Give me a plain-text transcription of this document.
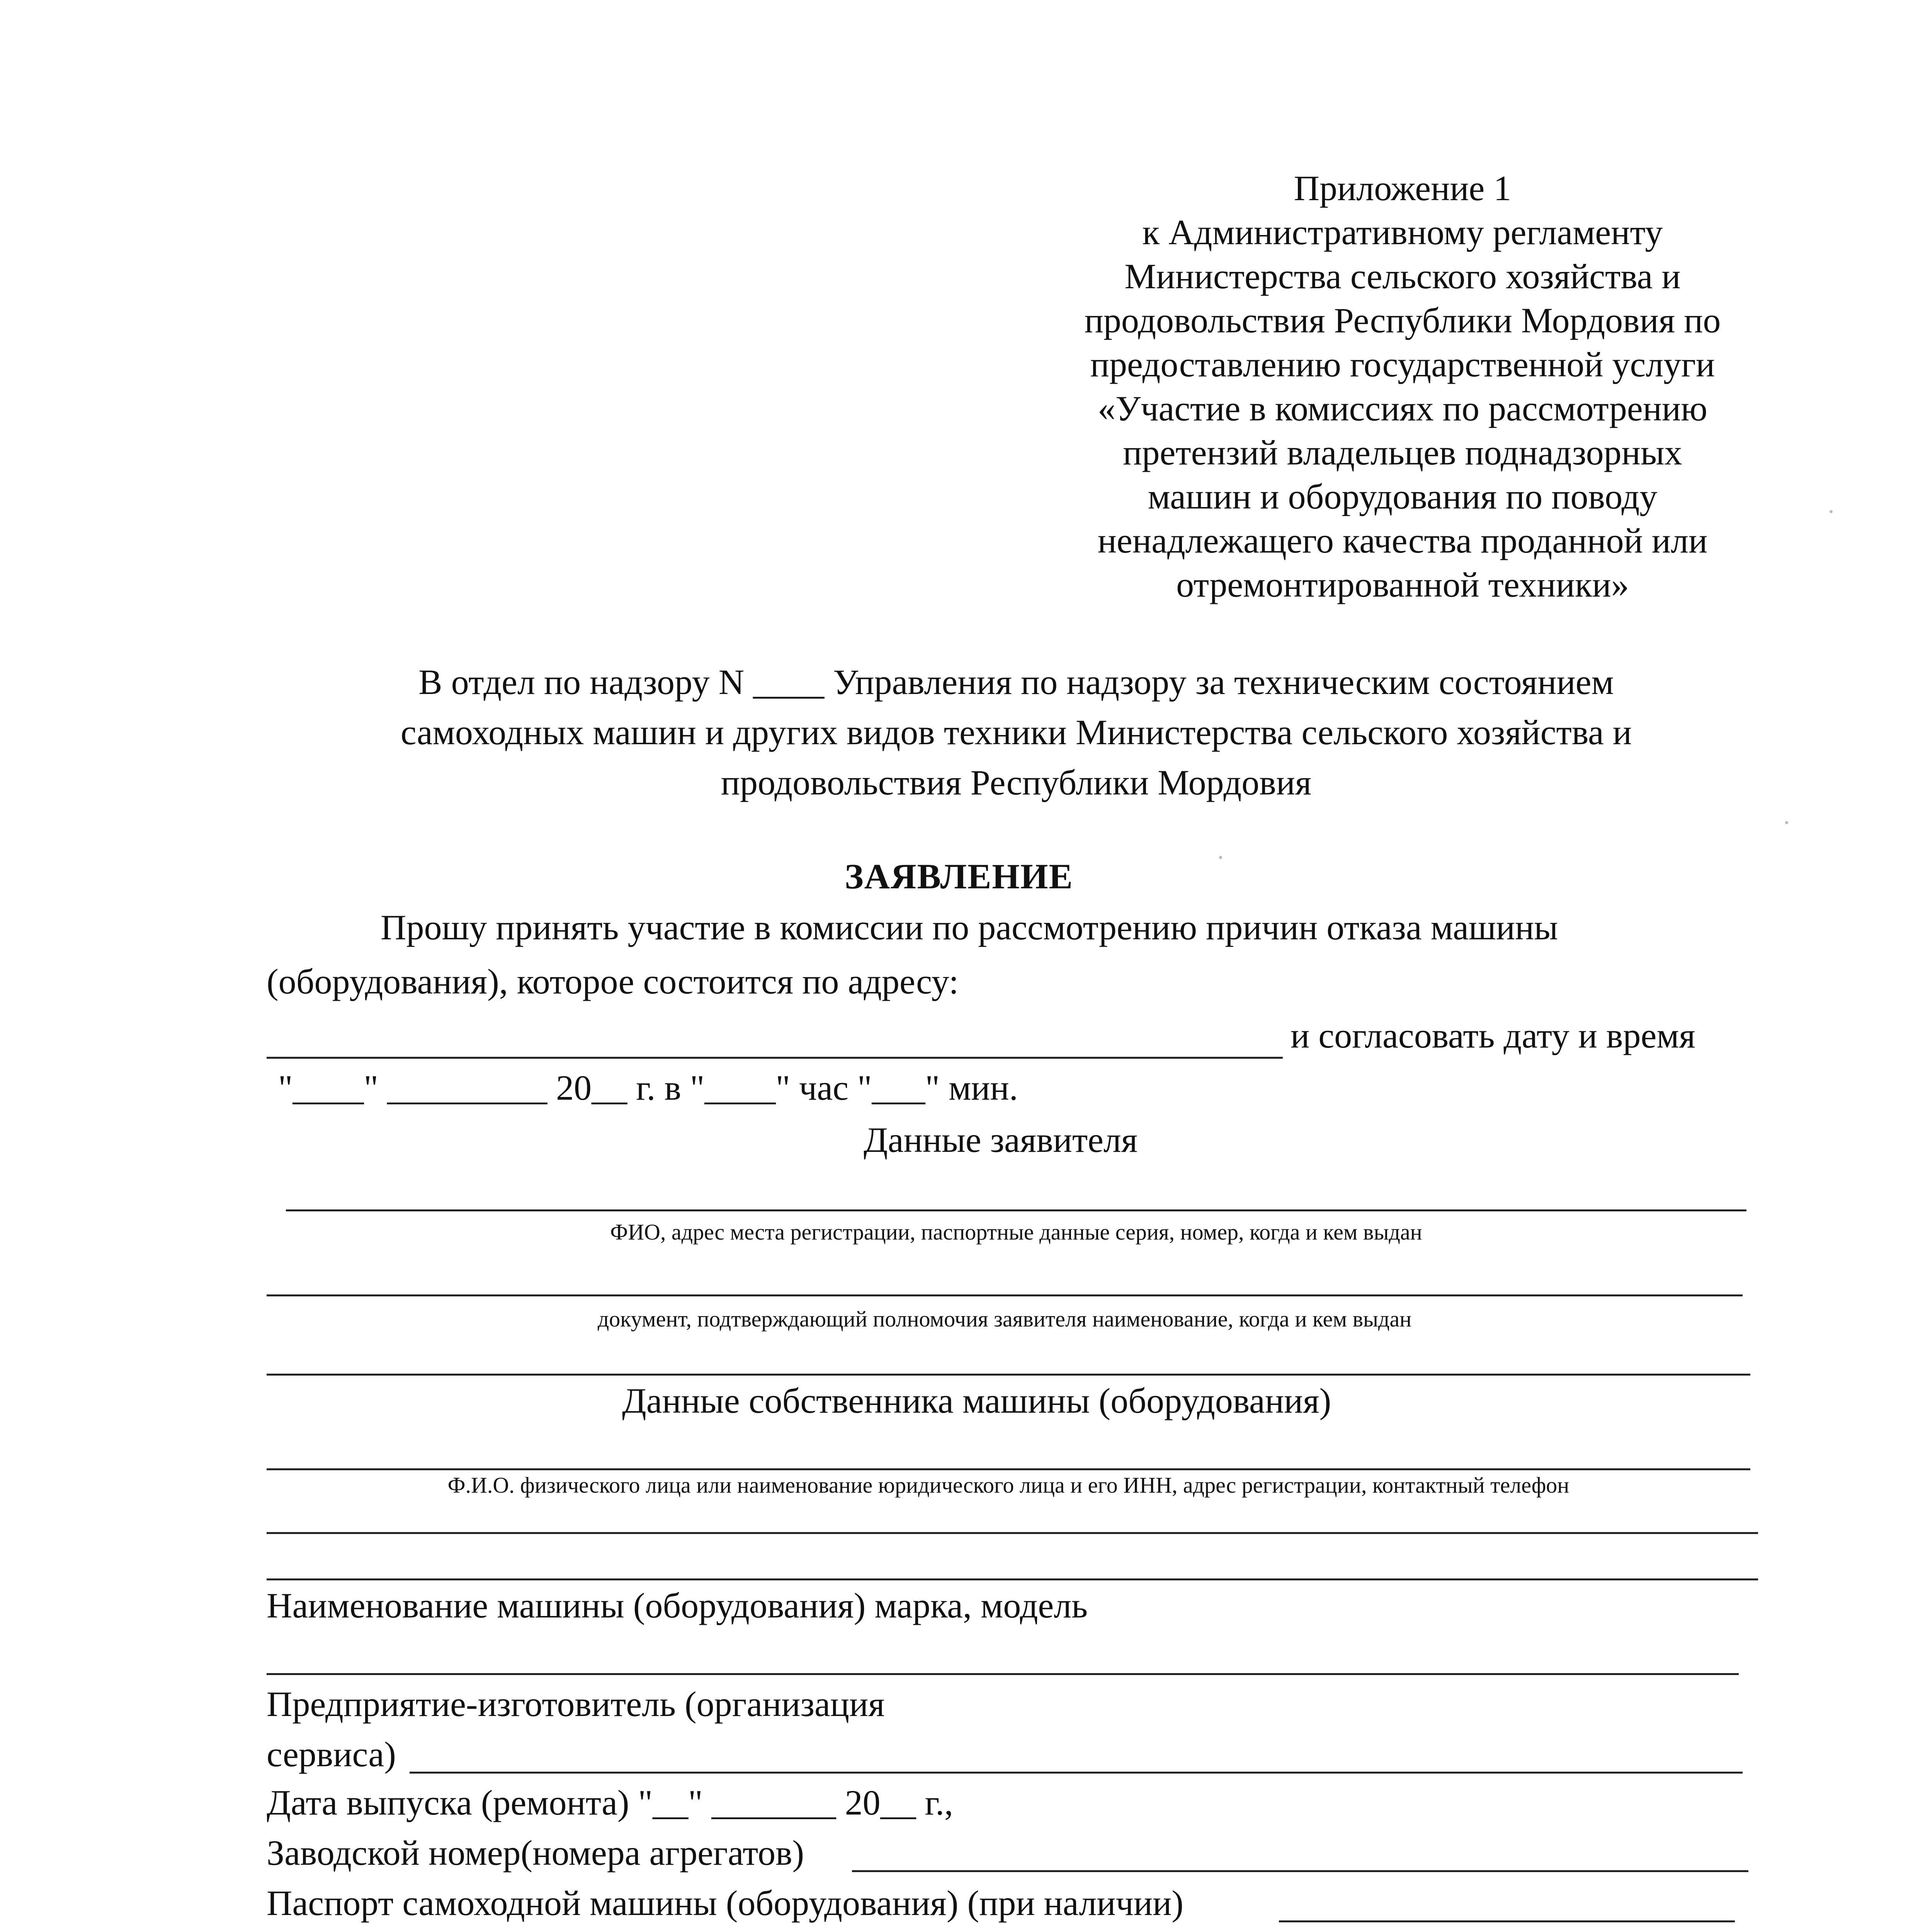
Приложение 1
к Административному регламенту
Министерства сельского хозяйства и
продовольствия Республики Мордовия по
предоставлению государственной услуги
«Участие в комиссиях по рассмотрению
претензий владельцев поднадзорных
машин и оборудования по поводу
ненадлежащего качества проданной или
отремонтированной техники»
В отдел по надзору N ____ Управления по надзору за техническим состоянием
самоходных машин и других видов техники Министерства сельского хозяйства и
продовольствия Республики Мордовия
ЗАЯВЛЕНИЕ
Прошу принять участие в комиссии по рассмотрению причин отказа машины
(оборудования), которое состоится по адресу:
и согласовать дату и время
"____" _________ 20__ г. в "____" час "___" мин.
Данные заявителя
ФИО, адрес места регистрации, паспортные данные серия, номер, когда и кем выдан
документ, подтверждающий полномочия заявителя наименование, когда и кем выдан
Данные собственника машины (оборудования)
Ф.И.О. физического лица или наименование юридического лица и его ИНН, адрес регистрации, контактный телефон
Наименование машины (оборудования) марка, модель
Предприятие-изготовитель (организация
сервиса)
Дата выпуска (ремонта) "__" _______ 20__ г.,
Заводской номер(номера агрегатов)
Паспорт самоходной машины (оборудования) (при наличии)
